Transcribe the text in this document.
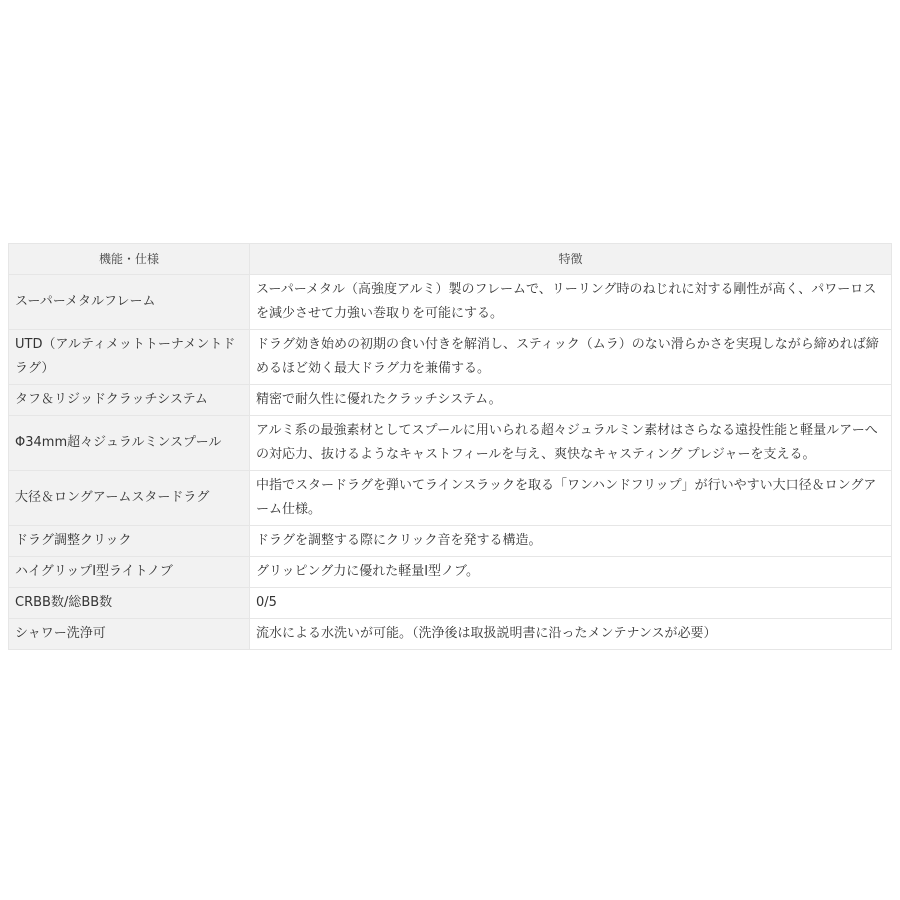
機能・仕様	特徴
スーパーメタルフレーム	スーパーメタル（高強度アルミ）製のフレームで、リーリング時のねじれに対する剛性が高く、パワーロスを減少させて力強い巻取りを可能にする。
UTD（アルティメットトーナメントドラグ）	ドラグ効き始めの初期の食い付きを解消し、スティック（ムラ）のない滑らかさを実現しながら締めれば締めるほど効く最大ドラグ力を兼備する。
タフ＆リジッドクラッチシステム	精密で耐久性に優れたクラッチシステム。
Φ34mm超々ジュラルミンスプール	アルミ系の最強素材としてスプールに用いられる超々ジュラルミン素材はさらなる遠投性能と軽量ルアーへの対応力、抜けるようなキャストフィールを与え、爽快なキャスティング プレジャーを支える。
大径＆ロングアームスタードラグ	中指でスタードラグを弾いてラインスラックを取る「ワンハンドフリップ」が行いやすい大口径＆ロングアーム仕様。
ドラグ調整クリック	ドラグを調整する際にクリック音を発する構造。
ハイグリップI型ライトノブ	グリッピング力に優れた軽量I型ノブ。
CRBB数/総BB数	0/5
シャワー洗浄可	流水による水洗いが可能。（洗浄後は取扱説明書に沿ったメンテナンスが必要）
